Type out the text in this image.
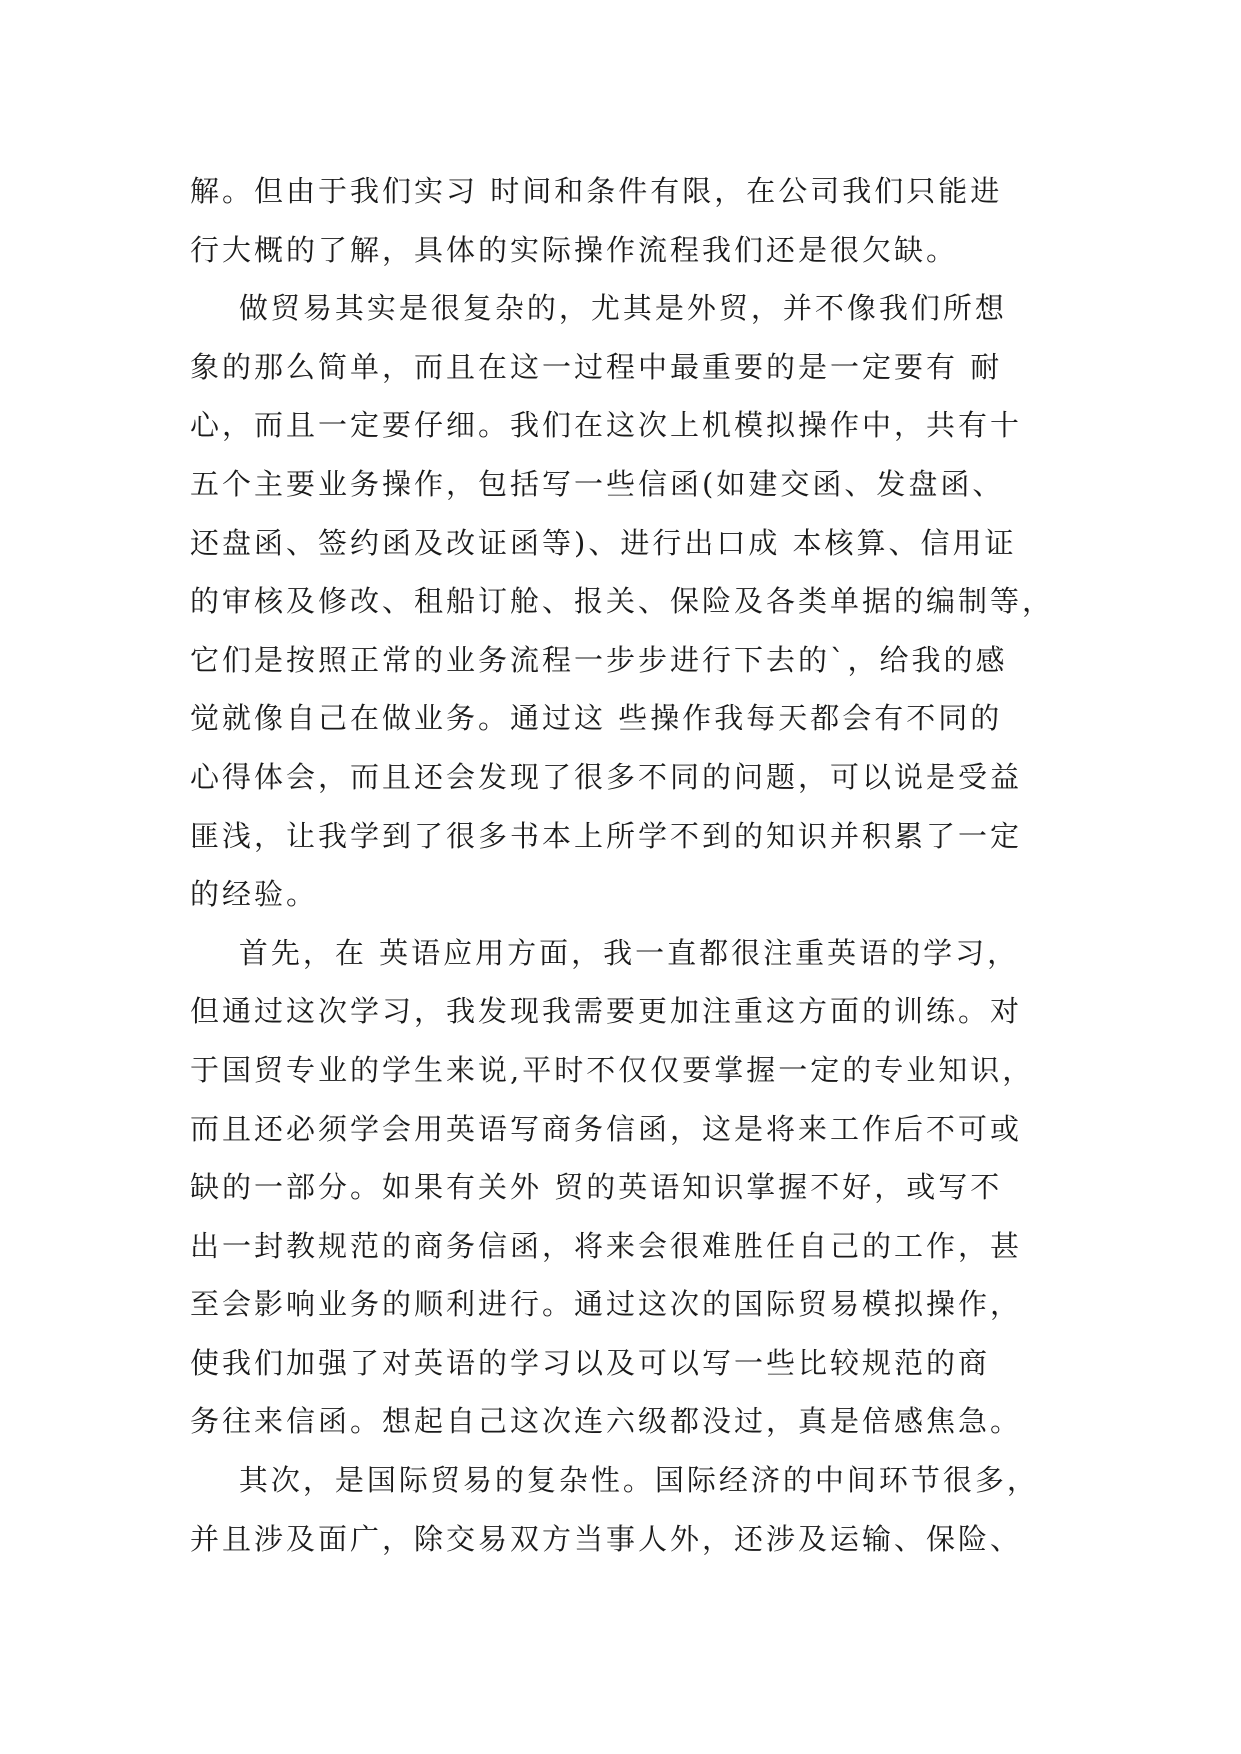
解。但由于我们实习 时间和条件有限，在公司我们只能进
行大概的了解，具体的实际操作流程我们还是很欠缺。
做贸易其实是很复杂的，尤其是外贸，并不像我们所想
象的那么简单，而且在这一过程中最重要的是一定要有 耐
心，而且一定要仔细。我们在这次上机模拟操作中，共有十
五个主要业务操作，包括写一些信函(如建交函、发盘函、
还盘函、签约函及改证函等)、进行出口成 本核算、信用证
的审核及修改、租船订舱、报关、保险及各类单据的编制等，
它们是按照正常的业务流程一步步进行下去的`，给我的感
觉就像自己在做业务。通过这 些操作我每天都会有不同的
心得体会，而且还会发现了很多不同的问题，可以说是受益
匪浅，让我学到了很多书本上所学不到的知识并积累了一定
的经验。
首先，在 英语应用方面，我一直都很注重英语的学习，
但通过这次学习，我发现我需要更加注重这方面的训练。对
于国贸专业的学生来说,平时不仅仅要掌握一定的专业知识，
而且还必须学会用英语写商务信函，这是将来工作后不可或
缺的一部分。如果有关外 贸的英语知识掌握不好，或写不
出一封教规范的商务信函，将来会很难胜任自己的工作，甚
至会影响业务的顺利进行。通过这次的国际贸易模拟操作，
使我们加强了对英语的学习以及可以写一些比较规范的商
务往来信函。想起自己这次连六级都没过，真是倍感焦急。
其次，是国际贸易的复杂性。国际经济的中间环节很多，
并且涉及面广，除交易双方当事人外，还涉及运输、保险、
